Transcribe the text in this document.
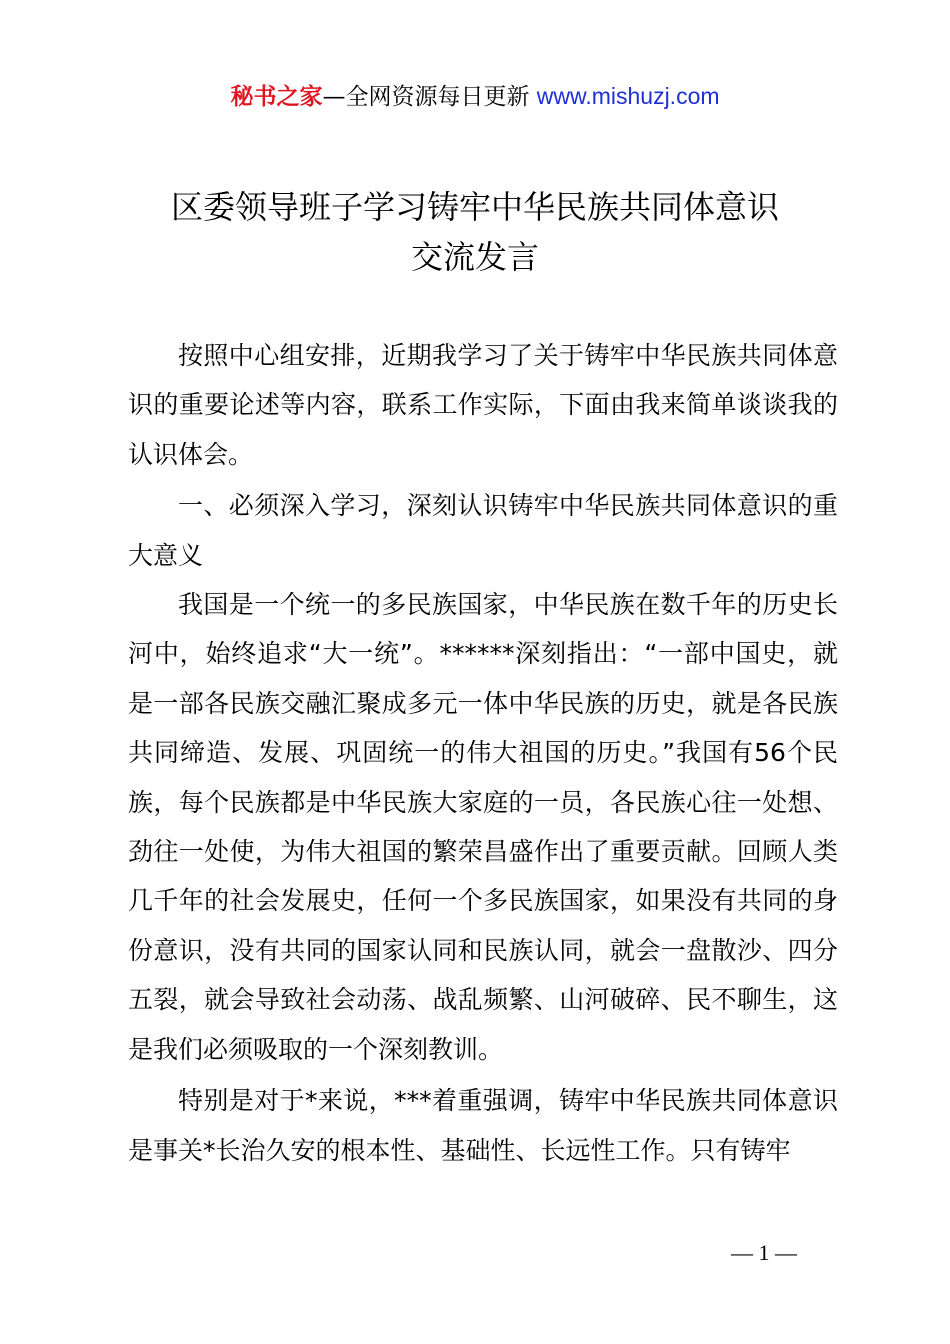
秘书之家—全网资源每日更新 www.mishuzj.com
区委领导班子学习铸牢中华民族共同体意识
交流发言

按照中心组安排，近期我学习了关于铸牢中华民族共同体意识的重要论述等内容，联系工作实际，下面由我来简单谈谈我的认识体会。

一、必须深入学习，深刻认识铸牢中华民族共同体意识的重大意义

我国是一个统一的多民族国家，中华民族在数千年的历史长河中，始终追求“大一统”。******深刻指出：“一部中国史，就是一部各民族交融汇聚成多元一体中华民族的历史，就是各民族共同缔造、发展、巩固统一的伟大祖国的历史。”我国有56个民族，每个民族都是中华民族大家庭的一员，各民族心往一处想、劲往一处使，为伟大祖国的繁荣昌盛作出了重要贡献。回顾人类几千年的社会发展史，任何一个多民族国家，如果没有共同的身份意识，没有共同的国家认同和民族认同，就会一盘散沙、四分五裂，就会导致社会动荡、战乱频繁、山河破碎、民不聊生，这是我们必须吸取的一个深刻教训。

特别是对于*来说，***着重强调，铸牢中华民族共同体意识是事关*长治久安的根本性、基础性、长远性工作。只有铸牢

— 1 —
